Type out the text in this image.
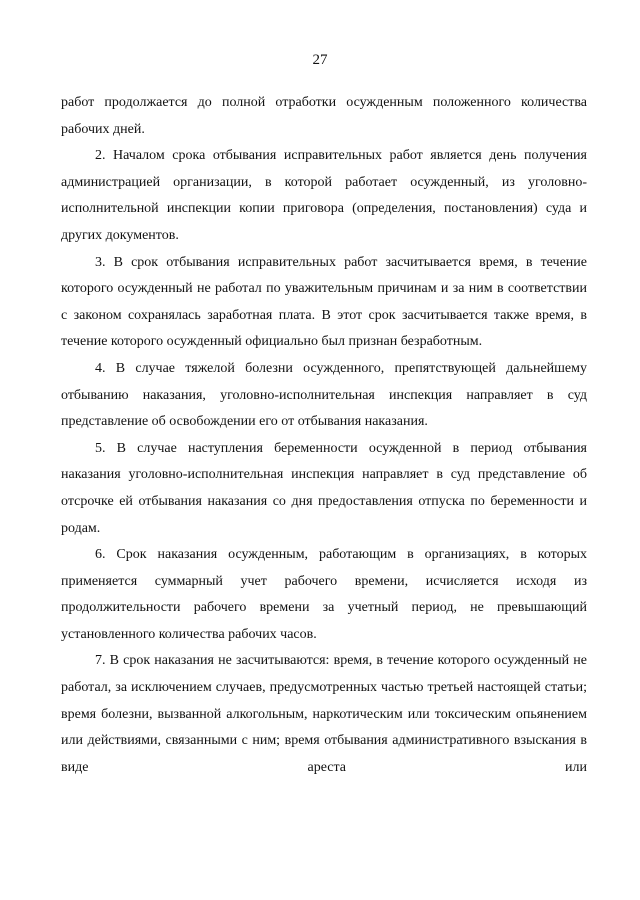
27

работ продолжается до полной отработки осужденным положенного количества рабочих дней.

2. Началом срока отбывания исправительных работ является день получения администрацией организации, в которой работает осужденный, из уголовно-исполнительной инспекции копии приговора (определения, постановления) суда и других документов.

3. В срок отбывания исправительных работ засчитывается время, в течение которого осужденный не работал по уважительным причинам и за ним в соответствии с законом сохранялась заработная плата. В этот срок засчитывается также время, в течение которого осужденный официально был признан безработным.

4. В случае тяжелой болезни осужденного, препятствующей дальнейшему отбыванию наказания, уголовно-исполнительная инспекция направляет в суд представление об освобождении его от отбывания наказания.

5. В случае наступления беременности осужденной в период отбывания наказания уголовно-исполнительная инспекция направляет в суд представление об отсрочке ей отбывания наказания со дня предоставления отпуска по беременности и родам.

6. Срок наказания осужденным, работающим в организациях, в которых применяется суммарный учет рабочего времени, исчисляется исходя из продолжительности рабочего времени за учетный период, не превышающий установленного количества рабочих часов.

7. В срок наказания не засчитываются: время, в течение которого осужденный не работал, за исключением случаев, предусмотренных частью третьей настоящей статьи; время болезни, вызванной алкогольным, наркотическим или токсическим опьянением или действиями, связанными с ним; время отбывания административного взыскания в виде ареста или
